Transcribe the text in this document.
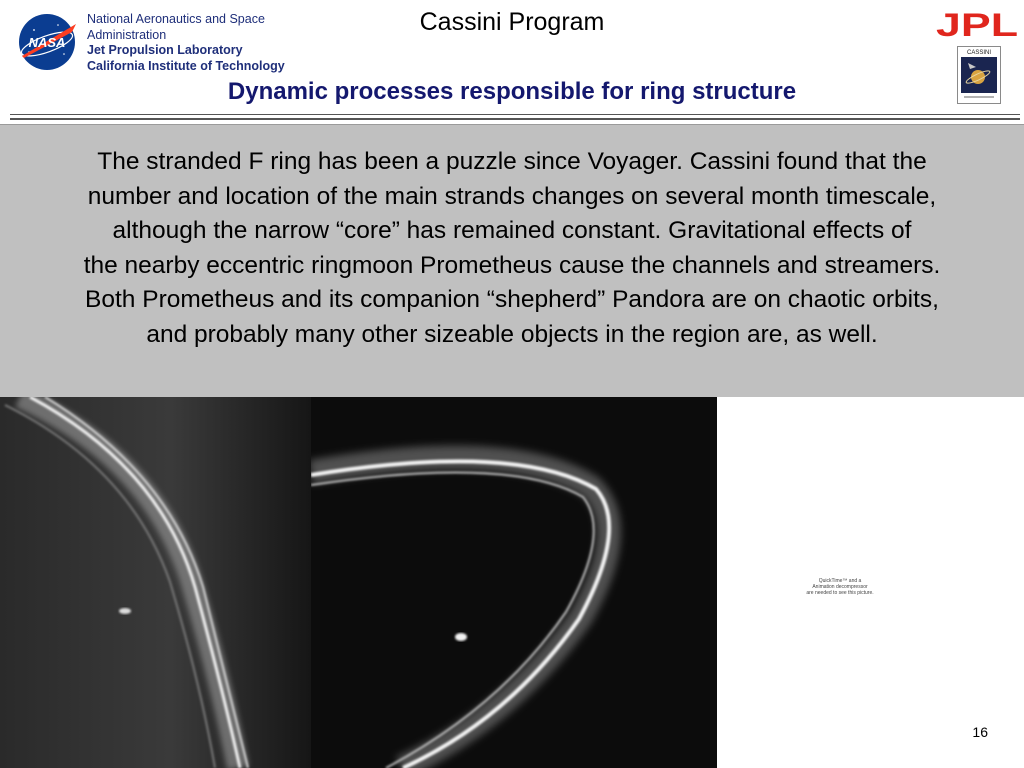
NASA
National Aeronautics and Space
Administration
Jet Propulsion Laboratory
California Institute of Technology
Cassini Program	JPL
CASSINI
Dynamic processes responsible for ring structure
The stranded F ring has been a puzzle since Voyager. Cassini found that the
number and location of the main strands changes on several month timescale,
although the narrow “core” has remained constant. Gravitational effects of
the nearby eccentric ringmoon Prometheus cause the channels and streamers.
Both Prometheus and its companion “shepherd” Pandora are on chaotic orbits,
and probably many other sizeable objects in the region are, as well.
QuickTime™ and a
Animation decompressor
are needed to see this picture.
16
